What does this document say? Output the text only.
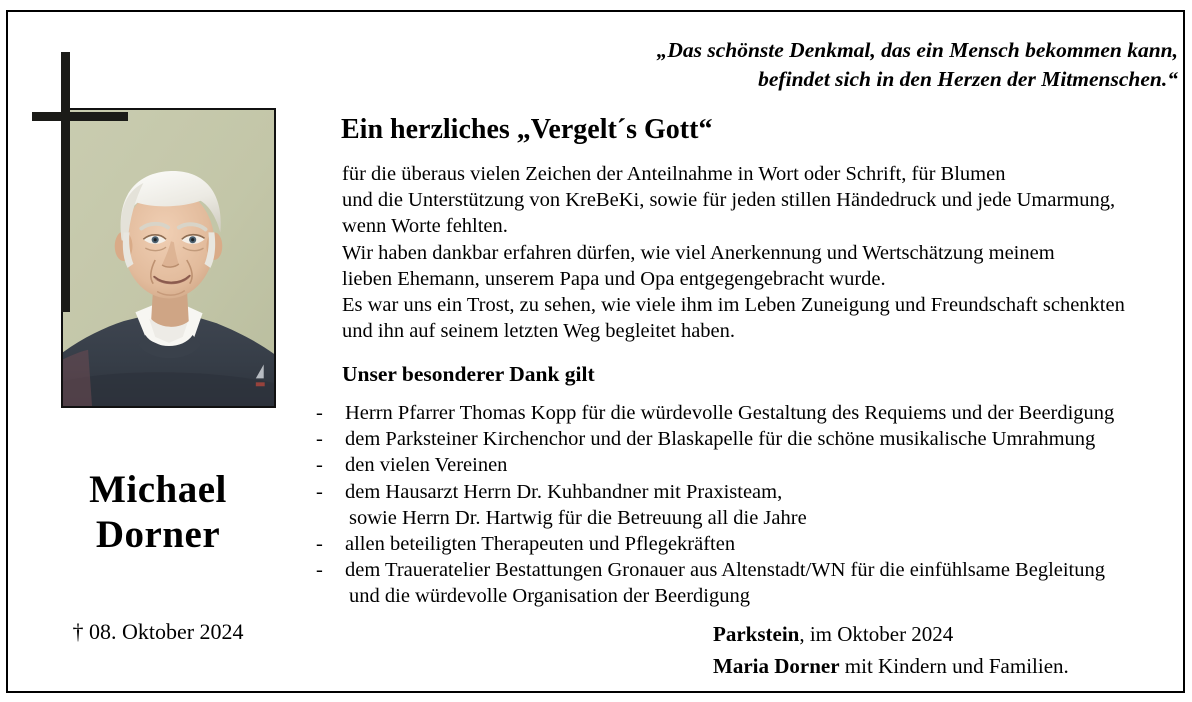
Michael
Dorner
† 08. Oktober 2024
„Das schönste Denkmal, das ein Mensch bekommen kann,
befindet sich in den Herzen der Mitmenschen.“
Ein herzliches „Vergelt´s Gott“
für die überaus vielen Zeichen der Anteilnahme in Wort oder Schrift, für Blumen
und die Unterstützung von KreBeKi, sowie für jeden stillen Händedruck und jede Umarmung,
wenn Worte fehlten.
Wir haben dankbar erfahren dürfen, wie viel Anerkennung und Wertschätzung meinem
lieben Ehemann, unserem Papa und Opa entgegengebracht wurde.
Es war uns ein Trost, zu sehen, wie viele ihm im Leben Zuneigung und Freundschaft schenkten
und ihn auf seinem letzten Weg begleitet haben.
Unser besonderer Dank gilt
- Herrn Pfarrer Thomas Kopp für die würdevolle Gestaltung des Requiems und der Beerdigung
- dem Parksteiner Kirchenchor und der Blaskapelle für die schöne musikalische Umrahmung
- den vielen Vereinen
- dem Hausarzt Herrn Dr. Kuhbandner mit Praxisteam,
sowie Herrn Dr. Hartwig für die Betreuung all die Jahre
- allen beteiligten Therapeuten und Pflegekräften
- dem Traueratelier Bestattungen Gronauer aus Altenstadt/WN für die einfühlsame Begleitung
und die würdevolle Organisation der Beerdigung
Parkstein, im Oktober 2024
Maria Dorner mit Kindern und Familien.
